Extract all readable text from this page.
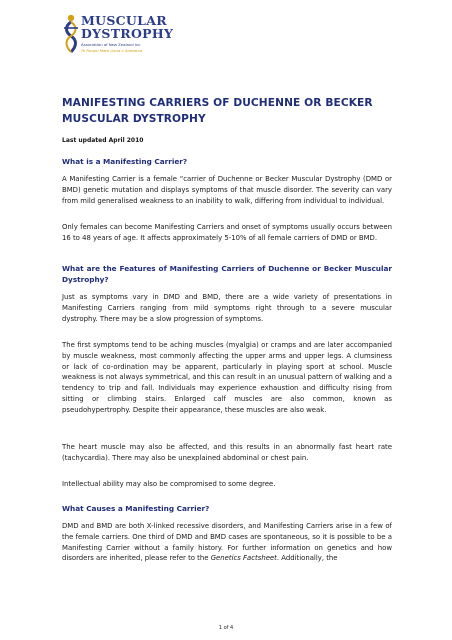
MUSCULAR
DYSTROPHY
Association of New Zealand Inc
Te Roopu Mate Uaua o Aotearoa
MANIFESTING CARRIERS OF DUCHENNE OR BECKER MUSCULAR DYSTROPHY
Last updated April 2010
What is a Manifesting Carrier?
A Manifesting Carrier is a female “carrier of Duchenne or Becker Muscular Dystrophy (DMD or BMD) genetic mutation and displays symptoms of that muscle disorder. The severity can vary from mild generalised weakness to an inability to walk, differing from individual to individual.
Only females can become Manifesting Carriers and onset of symptoms usually occurs between 16 to 48 years of age. It affects approximately 5-10% of all female carriers of DMD or BMD.
What are the Features of Manifesting Carriers of Duchenne or Becker Muscular Dystrophy?
Just as symptoms vary in DMD and BMD, there are a wide variety of presentations in Manifesting Carriers ranging from mild symptoms right through to a severe muscular dystrophy. There may be a slow progression of symptoms.
The first symptoms tend to be aching muscles (myalgia) or cramps and are later accompanied by muscle weakness, most commonly affecting the upper arms and upper legs. A clumsiness or lack of co-ordination may be apparent, particularly in playing sport at school. Muscle weakness is not always symmetrical, and this can result in an unusual pattern of walking and a tendency to trip and fall. Individuals may experience exhaustion and difficulty rising from sitting or climbing stairs. Enlarged calf muscles are also common, known as pseudohypertrophy. Despite their appearance, these muscles are also weak.
The heart muscle may also be affected, and this results in an abnormally fast heart rate (tachycardia). There may also be unexplained abdominal or chest pain.
Intellectual ability may also be compromised to some degree.
What Causes a Manifesting Carrier?
DMD and BMD are both X-linked recessive disorders, and Manifesting Carriers arise in a few of the female carriers. One third of DMD and BMD cases are spontaneous, so it is possible to be a Manifesting Carrier without a family history. For further information on genetics and how disorders are inherited, please refer to the Genetics Factsheet. Additionally, the
1 of 4
